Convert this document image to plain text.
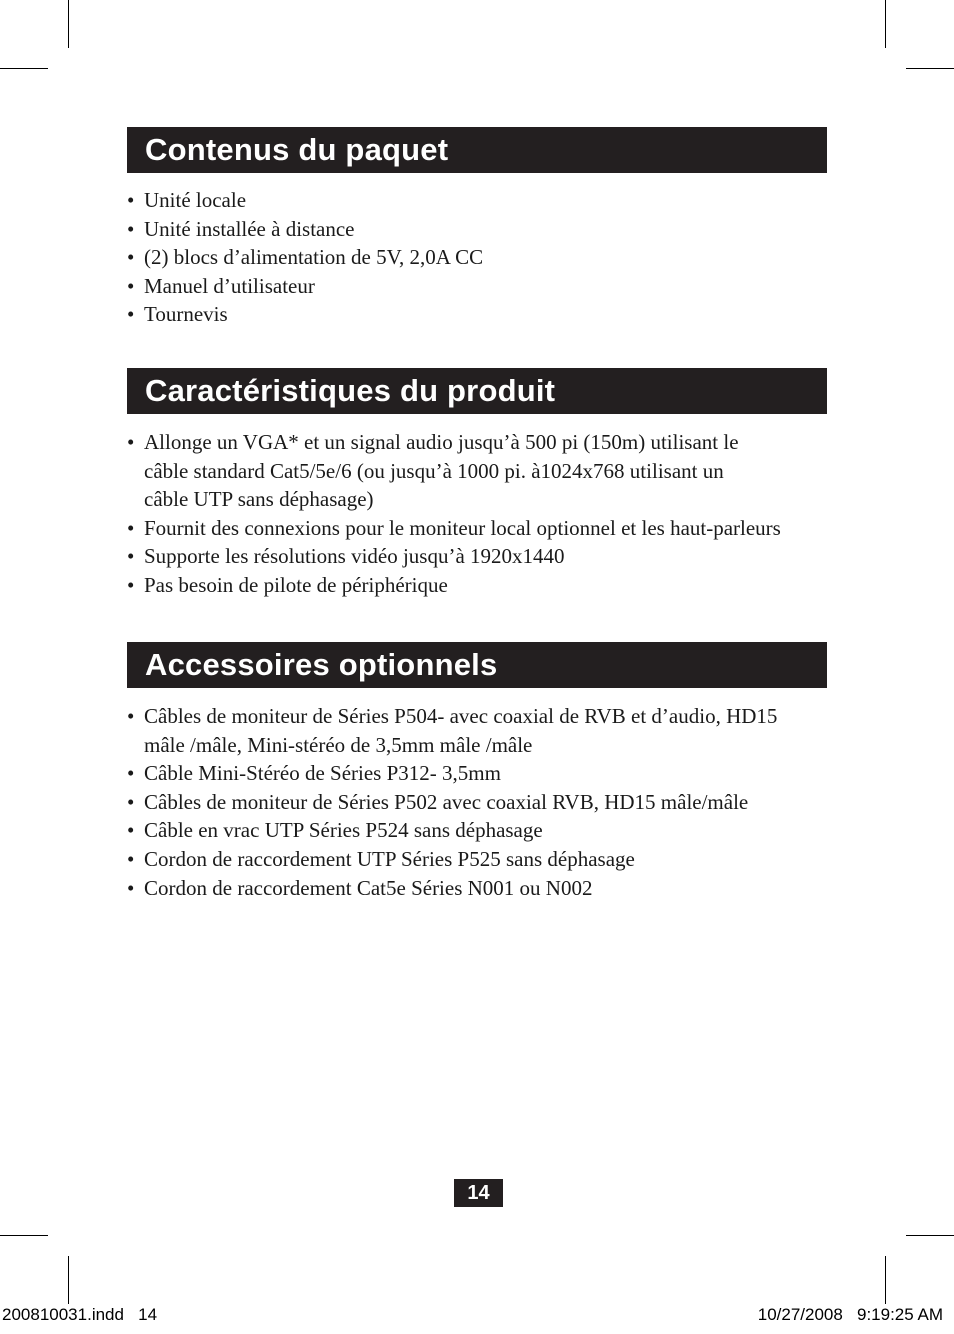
Contenus du paquet
• Unité locale
• Unité installée à distance
• (2) blocs d’alimentation de 5V, 2,0A CC
• Manuel d’utilisateur
• Tournevis
Caractéristiques du produit
• Allonge un VGA* et un signal audio jusqu’à 500 pi (150m) utilisant le
câble standard Cat5/5e/6 (ou jusqu’à 1000 pi. à1024x768 utilisant un
câble UTP sans déphasage)
• Fournit des connexions pour le moniteur local optionnel et les haut-parleurs
• Supporte les résolutions vidéo jusqu’à 1920x1440
• Pas besoin de pilote de périphérique
Accessoires optionnels
• Câbles de moniteur de Séries P504- avec coaxial de RVB et d’audio, HD15
mâle /mâle, Mini-stéréo de 3,5mm mâle /mâle
• Câble Mini-Stéréo de Séries P312- 3,5mm
• Câbles de moniteur de Séries P502 avec coaxial RVB, HD15 mâle/mâle
• Câble en vrac UTP Séries P524 sans déphasage
• Cordon de raccordement UTP Séries P525 sans déphasage
• Cordon de raccordement Cat5e Séries N001 ou N002
14
200810031.indd   14	10/27/2008   9:19:25 AM
